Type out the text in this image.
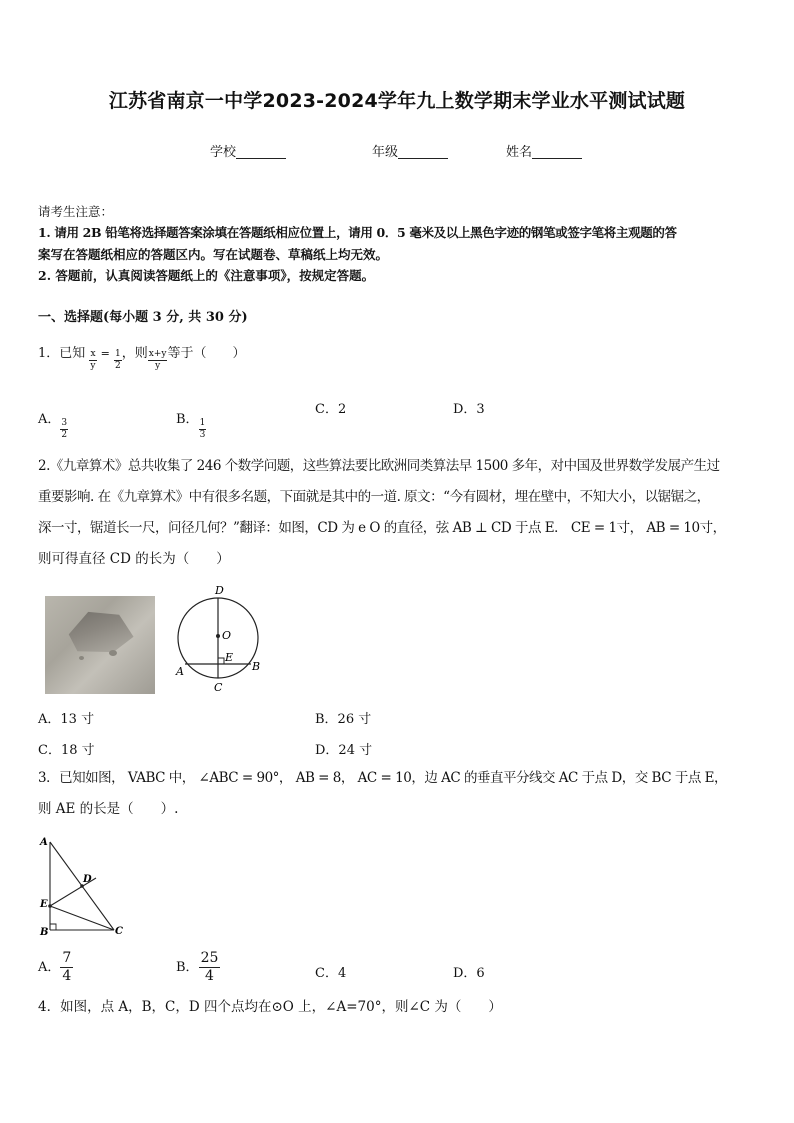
江苏省南京一中学2023-2024学年九上数学期末学业水平测试试题
学校	年级	姓名
请考生注意：
1. 请用 2B 铅笔将选择题答案涂填在答题纸相应位置上，请用 0．5 毫米及以上黑色字迹的钢笔或签字笔将主观题的答
案写在答题纸相应的答题区内。写在试题卷、草稿纸上均无效。
2. 答题前，认真阅读答题纸上的《注意事项》，按规定答题。
一、选择题(每小题 3 分, 共 30 分)
1．已知 $\frac{x}{y} = \frac{1}{2}$ ，则 $\frac{x+y}{y}$ 等于（　　）
A． $\frac{3}{2}$	B． $\frac{1}{3}$
C．2	D．3
2.《九章算术》总共收集了 246 个数学问题，这些算法要比欧洲同类算法早 1500 多年，对中国及世界数学发展产生过
重要影响. 在《九章算术》中有很多名题，下面就是其中的一道. 原文：“今有圆材，埋在壁中，不知大小，以锯锯之，
深一寸，锯道长一尺，问径几何？”翻译：如图，CD 为 e O 的直径，弦 AB ⊥ CD 于点 E． CE = 1寸， AB = 10寸，
则可得直径 CD 的长为（　　）
D
O
E
A	B
C
A．13 寸	B．26 寸
C．18 寸	D．24 寸
3．已知如图， VABC 中， ∠ABC = 90°， AB = 8， AC = 10，边 AC 的垂直平分线交 AC 于点 D，交 BC 于点 E，
则 AE 的长是（　　）.
A
D
E
B	C
A． $\frac{7}{4}$	B． $\frac{25}{4}$	C．4	D．6
4．如图，点 A，B，C，D 四个点均在⊙O 上，∠A=70°，则∠C 为（　　）
